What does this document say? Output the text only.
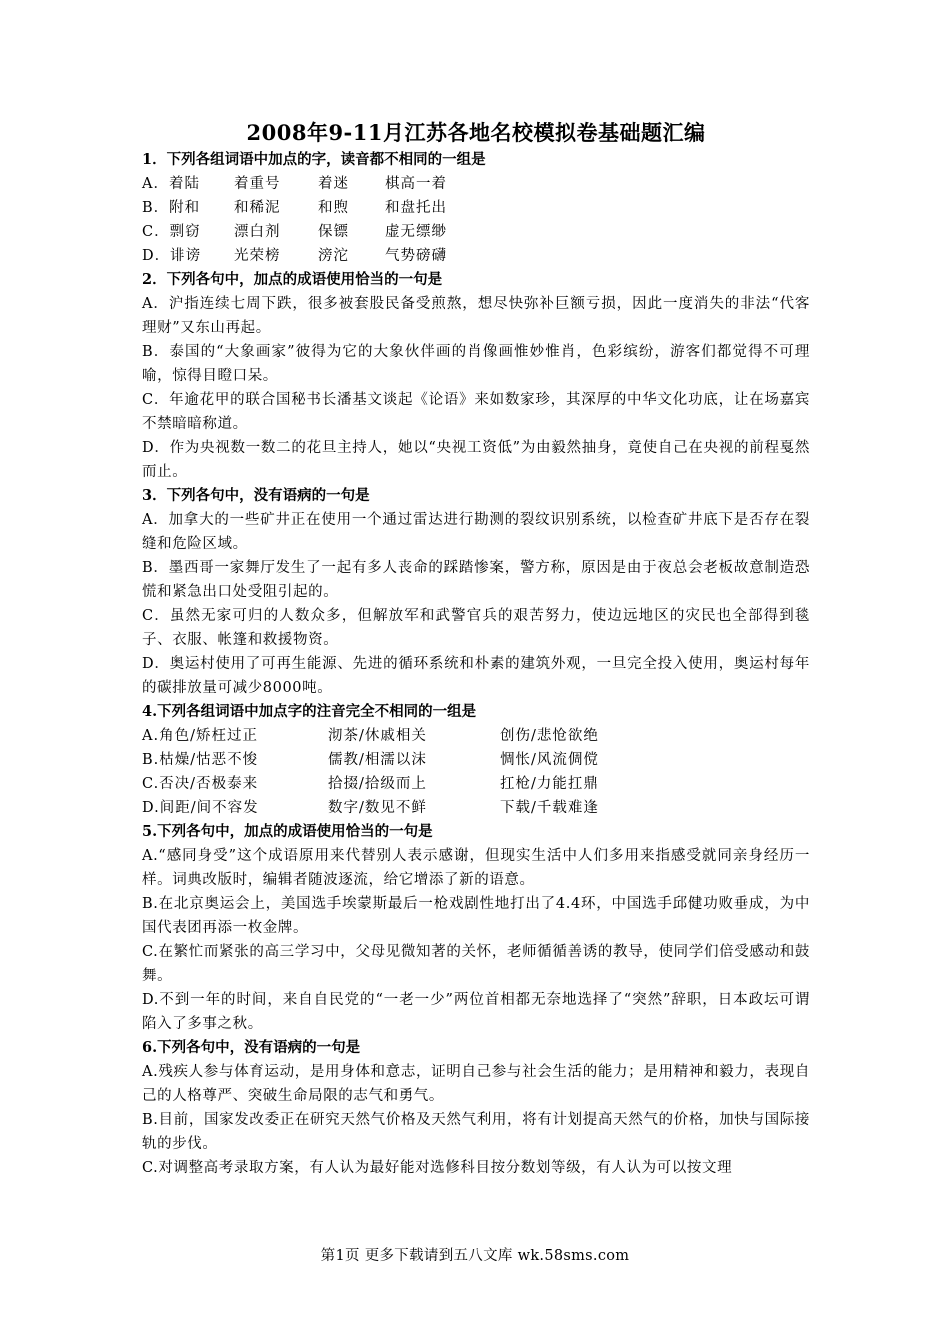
2008年9-11月江苏各地名校模拟卷基础题汇编
1．下列各组词语中加点的字，读音都不相同的一组是
A．着陆	着重号	着迷	棋高一着
B．附和	和稀泥	和煦	和盘托出
C．剽窃	漂白剂	保镖	虚无缥缈
D．诽谤	光荣榜	滂沱	气势磅礴
2．下列各句中，加点的成语使用恰当的一句是
A．沪指连续七周下跌，很多被套股民备受煎熬，想尽快弥补巨额亏损，因此一度消失的非法“代客理财”又东山再起。
B．泰国的“大象画家”彼得为它的大象伙伴画的肖像画惟妙惟肖，色彩缤纷，游客们都觉得不可理喻，惊得目瞪口呆。
C．年逾花甲的联合国秘书长潘基文谈起《论语》来如数家珍，其深厚的中华文化功底，让在场嘉宾不禁暗暗称道。
D．作为央视数一数二的花旦主持人，她以“央视工资低”为由毅然抽身，竟使自己在央视的前程戛然而止。
3．下列各句中，没有语病的一句是
A．加拿大的一些矿井正在使用一个通过雷达进行勘测的裂纹识别系统，以检查矿井底下是否存在裂缝和危险区域。
B．墨西哥一家舞厅发生了一起有多人丧命的踩踏惨案，警方称，原因是由于夜总会老板故意制造恐慌和紧急出口处受阻引起的。
C．虽然无家可归的人数众多，但解放军和武警官兵的艰苦努力，使边远地区的灾民也全部得到毯子、衣服、帐篷和救援物资。
D．奥运村使用了可再生能源、先进的循环系统和朴素的建筑外观，一旦完全投入使用，奥运村每年的碳排放量可减少8000吨。
4.下列各组词语中加点字的注音完全不相同的一组是
A.角色/矫枉过正	沏茶/休戚相关	创伤/悲怆欲绝
B.枯燥/怙恶不悛	儒教/相濡以沫	惆怅/风流倜傥
C.否决/否极泰来	拾掇/拾级而上	扛枪/力能扛鼎
D.间距/间不容发	数字/数见不鲜	下载/千载难逢
5.下列各句中，加点的成语使用恰当的一句是
A.“感同身受”这个成语原用来代替别人表示感谢，但现实生活中人们多用来指感受就同亲身经历一样。词典改版时，编辑者随波逐流，给它增添了新的语意。
B.在北京奥运会上，美国选手埃蒙斯最后一枪戏剧性地打出了4.4环，中国选手邱健功败垂成，为中国代表团再添一枚金牌。
C.在繁忙而紧张的高三学习中，父母见微知著的关怀，老师循循善诱的教导，使同学们倍受感动和鼓舞。
D.不到一年的时间，来自自民党的“一老一少”两位首相都无奈地选择了“突然”辞职，日本政坛可谓陷入了多事之秋。
6.下列各句中，没有语病的一句是
A.残疾人参与体育运动，是用身体和意志，证明自己参与社会生活的能力；是用精神和毅力，表现自己的人格尊严、突破生命局限的志气和勇气。
B.目前，国家发改委正在研究天然气价格及天然气利用，将有计划提高天然气的价格，加快与国际接轨的步伐。
C.对调整高考录取方案，有人认为最好能对选修科目按分数划等级，有人认为可以按文理
第1页 更多下载请到五八文库 wk.58sms.com
